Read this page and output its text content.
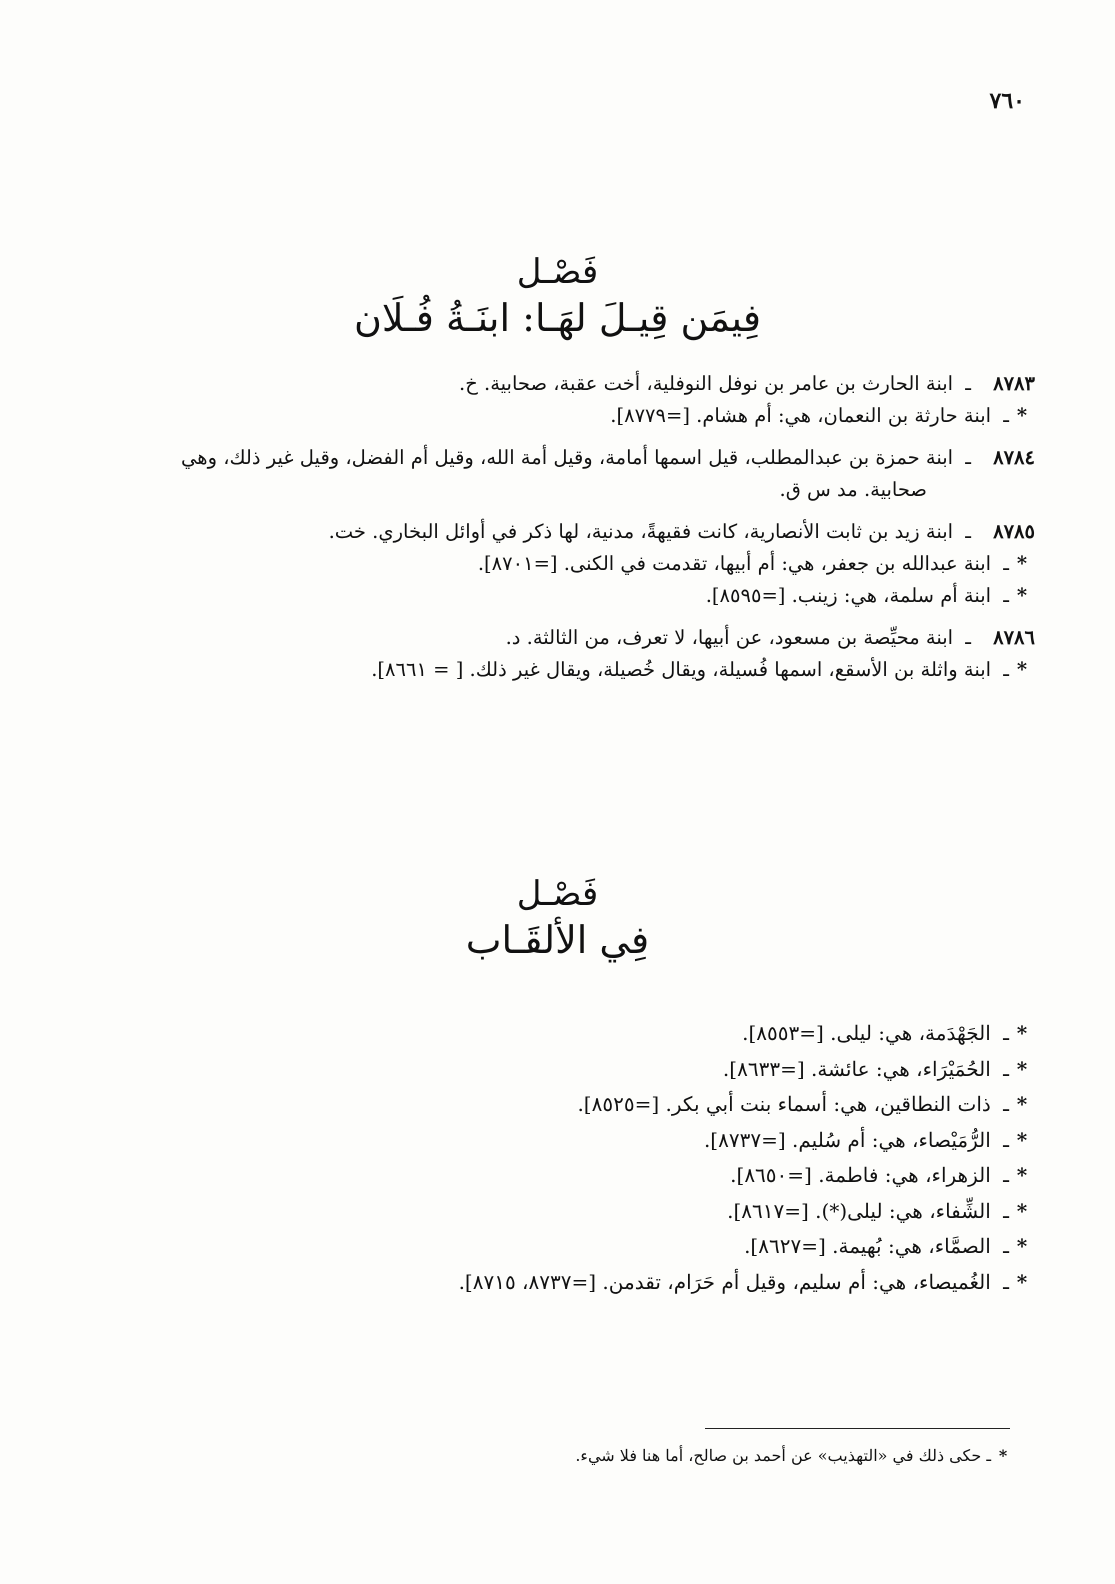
٧٦٠
فَصْـل
فِيمَن قِيـلَ لهَـا: ابنَـةُ فُـلَان
٨٧٨٣ـ ابنة الحارث بن عامر بن نوفل النوفلية، أخت عقبة، صحابية. خ.
*ـ ابنة حارثة بن النعمان، هي: أم هشام. [=٨٧٧٩].
٨٧٨٤ـ ابنة حمزة بن عبدالمطلب، قيل اسمها أمامة، وقيل أمة الله، وقيل أم الفضل، وقيل غير ذلك، وهي
صحابية. مد س ق.
٨٧٨٥ـ ابنة زيد بن ثابت الأنصارية، كانت فقيهةً، مدنية، لها ذكر في أوائل البخاري. خت.
*ـ ابنة عبدالله بن جعفر، هي: أم أبيها، تقدمت في الكنى. [=٨٧٠١].
*ـ ابنة أم سلمة، هي: زينب. [=٨٥٩٥].
٨٧٨٦ـ ابنة محيِّصة بن مسعود، عن أبيها، لا تعرف، من الثالثة. د.
*ـ ابنة واثلة بن الأسقع، اسمها فُسيلة، ويقال خُصيلة، ويقال غير ذلك. [ = ٨٦٦١].
فَصْـل
فِي الألقَـاب
*ـ الجَهْدَمة، هي: ليلى. [=٨٥٥٣].
*ـ الحُمَيْرَاء، هي: عائشة. [=٨٦٣٣].
*ـ ذات النطاقين، هي: أسماء بنت أبي بكر. [=٨٥٢٥].
*ـ الرُّمَيْصاء، هي: أم سُليم. [=٨٧٣٧].
*ـ الزهراء، هي: فاطمة. [=٨٦٥٠].
*ـ الشِّفاء، هي: ليلى(*). [=٨٦١٧].
*ـ الصمَّاء، هي: بُهيمة. [=٨٦٢٧].
*ـ الغُميصاء، هي: أم سليم، وقيل أم حَرَام، تقدمن. [=٨٧٣٧، ٨٧١٥].
*ـ حكى ذلك في «التهذيب» عن أحمد بن صالح، أما هنا فلا شيء.
